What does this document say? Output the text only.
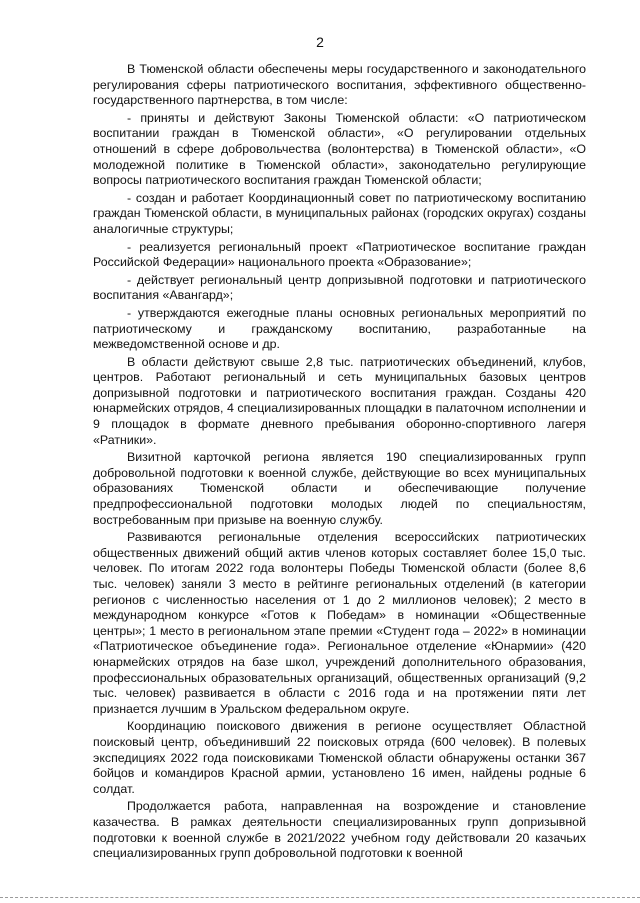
2

В Тюменской области обеспечены меры государственного и законодательного регулирования сферы патриотического воспитания, эффективного общественно-государственного партнерства, в том числе:

- приняты и действуют Законы Тюменской области: «О патриотическом воспитании граждан в Тюменской области», «О регулировании отдельных отношений в сфере добровольчества (волонтерства) в Тюменской области», «О молодежной политике в Тюменской области», законодательно регулирующие вопросы патриотического воспитания граждан Тюменской области;

- создан и работает Координационный совет по патриотическому воспитанию граждан Тюменской области, в муниципальных районах (городских округах) созданы аналогичные структуры;

- реализуется региональный проект «Патриотическое воспитание граждан Российской Федерации» национального проекта «Образование»;

- действует региональный центр допризывной подготовки и патриотического воспитания «Авангард»;

- утверждаются ежегодные планы основных региональных мероприятий по патриотическому и гражданскому воспитанию, разработанные на межведомственной основе и др.

В области действуют свыше 2,8 тыс. патриотических объединений, клубов, центров. Работают региональный и сеть муниципальных базовых центров допризывной подготовки и патриотического воспитания граждан. Созданы 420 юнармейских отрядов, 4 специализированных площадки в палаточном исполнении и 9 площадок в формате дневного пребывания оборонно-спортивного лагеря «Ратники».

Визитной карточкой региона является 190 специализированных групп добровольной подготовки к военной службе, действующие во всех муниципальных образованиях Тюменской области и обеспечивающие получение предпрофессиональной подготовки молодых людей по специальностям, востребованным при призыве на военную службу.

Развиваются региональные отделения всероссийских патриотических общественных движений общий актив членов которых составляет более 15,0 тыс. человек. По итогам 2022 года волонтеры Победы Тюменской области (более 8,6 тыс. человек) заняли 3 место в рейтинге региональных отделений (в категории регионов с численностью населения от 1 до 2 миллионов человек); 2 место в международном конкурсе «Готов к Победам» в номинации «Общественные центры»; 1 место в региональном этапе премии «Студент года – 2022» в номинации «Патриотическое объединение года». Региональное отделение «Юнармии» (420 юнармейских отрядов на базе школ, учреждений дополнительного образования, профессиональных образовательных организаций, общественных организаций (9,2 тыс. человек) развивается в области с 2016 года и на протяжении пяти лет признается лучшим в Уральском федеральном округе.

Координацию поискового движения в регионе осуществляет Областной поисковый центр, объединивший 22 поисковых отряда (600 человек). В полевых экспедициях 2022 года поисковиками Тюменской области обнаружены останки 367 бойцов и командиров Красной армии, установлено 16 имен, найдены родные 6 солдат.

Продолжается работа, направленная на возрождение и становление казачества. В рамках деятельности специализированных групп допризывной подготовки к военной службе в 2021/2022 учебном году действовали 20 казачьих специализированных групп добровольной подготовки к военной
